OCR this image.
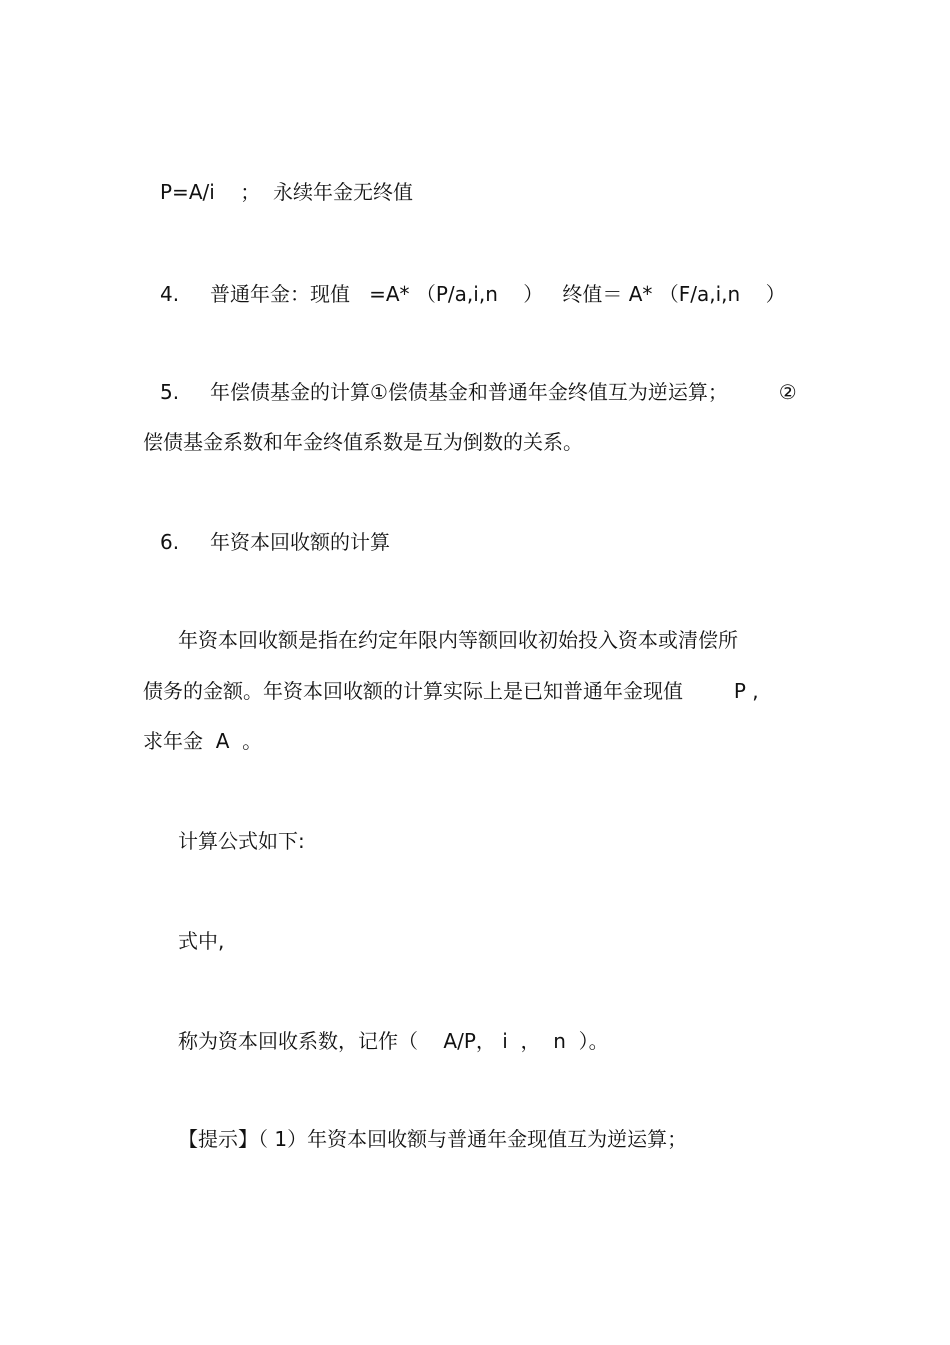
P=A/i    ；  永续年金无终值
4. 普通年金：现值   =A* （P/a,i,n    ）   终值＝ A* （F/a,i,n    ）
5. 年偿债基金的计算①偿债基金和普通年金终值互为逆运算；        ②
偿债基金系数和年金终值系数是互为倒数的关系。
6. 年资本回收额的计算
年资本回收额是指在约定年限内等额回收初始投入资本或清偿所
债务的金额。年资本回收额的计算实际上是已知普通年金现值        P ,
求年金  A  。
计算公式如下:
式中,
称为资本回收系数，记作（    A/P， i  ，  n  ）。
【提示】（ 1）年资本回收额与普通年金现值互为逆运算；
